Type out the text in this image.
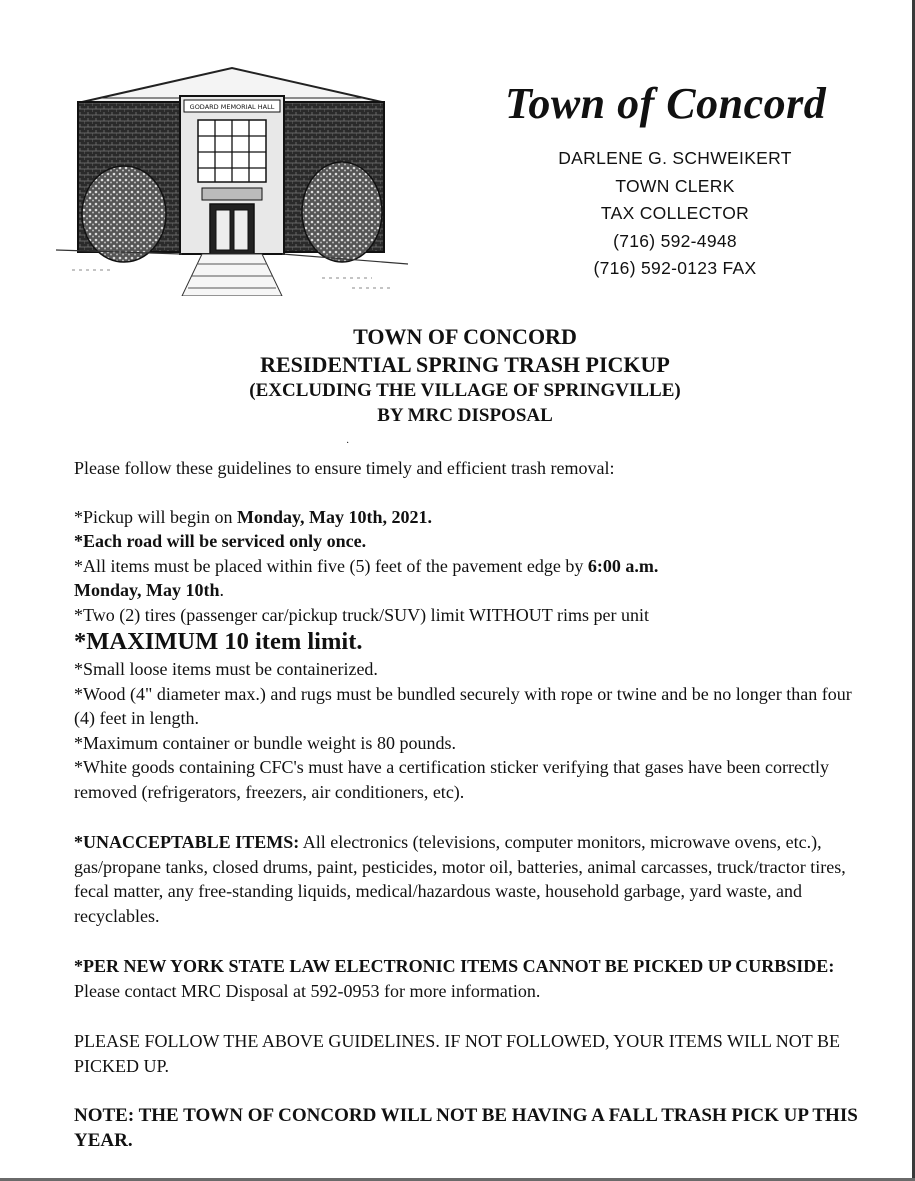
GODARD MEMORIAL HALL	Town of Concord
DARLENE G. SCHWEIKERT
TOWN CLERK
TAX COLLECTOR
(716) 592-4948
(716) 592-0123 FAX
TOWN OF CONCORD
RESIDENTIAL SPRING TRASH PICKUP
(EXCLUDING THE VILLAGE OF SPRINGVILLE)
BY MRC DISPOSAL
·

Please follow these guidelines to ensure timely and efficient trash removal:

*Pickup will begin on Monday, May 10th, 2021.

*Each road will be serviced only once.

*All items must be placed within five (5) feet of the pavement edge by 6:00 a.m.
Monday, May 10th.

*Two (2) tires (passenger car/pickup truck/SUV) limit WITHOUT rims per unit

*MAXIMUM 10 item limit.

*Small loose items must be containerized.

*Wood (4" diameter max.) and rugs must be bundled securely with rope or twine and be no longer than four (4) feet in length.

*Maximum container or bundle weight is 80 pounds.

*White goods containing CFC's must have a certification sticker verifying that gases have been correctly removed (refrigerators, freezers, air conditioners, etc).

*UNACCEPTABLE ITEMS: All electronics (televisions, computer monitors, microwave ovens, etc.), gas/propane tanks, closed drums, paint, pesticides, motor oil, batteries, animal carcasses, truck/tractor tires, fecal matter, any free-standing liquids, medical/hazardous waste, household garbage, yard waste, and recyclables.

*PER NEW YORK STATE LAW ELECTRONIC ITEMS CANNOT BE PICKED UP CURBSIDE: Please contact MRC Disposal at 592-0953 for more information.

PLEASE FOLLOW THE ABOVE GUIDELINES. IF NOT FOLLOWED, YOUR ITEMS WILL NOT BE PICKED UP.

NOTE: THE TOWN OF CONCORD WILL NOT BE HAVING A FALL TRASH PICK UP THIS YEAR.
